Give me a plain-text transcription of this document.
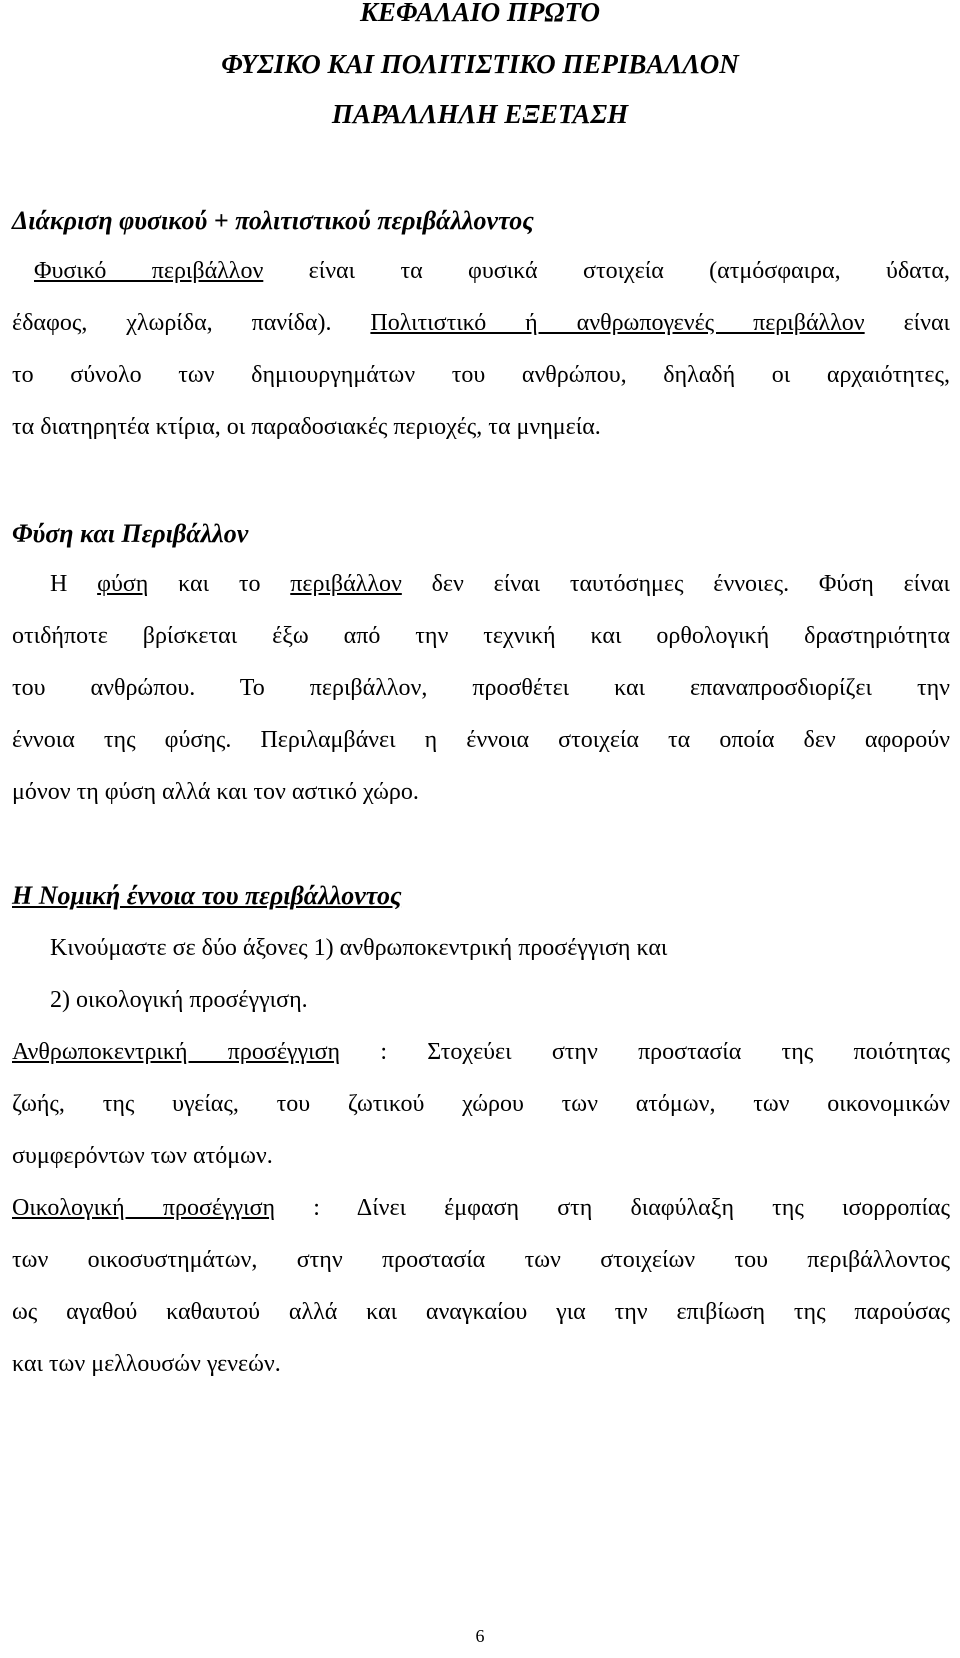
ΚΕΦΑΛΑΙΟ ΠΡΩΤΟ
ΦΥΣΙΚΟ ΚΑΙ ΠΟΛΙΤΙΣΤΙΚΟ ΠΕΡΙΒΑΛΛΟΝ
ΠΑΡΑΛΛΗΛΗ ΕΞΕΤΑΣΗ
Διάκριση φυσικού + πολιτιστικού περιβάλλοντος
Φυσικό περιβάλλον είναι τα φυσικά στοιχεία (ατμόσφαιρα, ύδατα,
έδαφος, χλωρίδα, πανίδα). Πολιτιστικό ή ανθρωπογενές περιβάλλον είναι
το σύνολο των δημιουργημάτων του ανθρώπου, δηλαδή οι αρχαιότητες,
τα διατηρητέα κτίρια, οι παραδοσιακές περιοχές, τα μνημεία.
Φύση και Περιβάλλον
Η φύση και το περιβάλλον δεν είναι ταυτόσημες έννοιες. Φύση είναι
οτιδήποτε βρίσκεται έξω από την τεχνική και ορθολογική δραστηριότητα
του ανθρώπου. Το περιβάλλον, προσθέτει και επαναπροσδιορίζει την
έννοια της φύσης. Περιλαμβάνει η έννοια στοιχεία τα οποία δεν αφορούν
μόνον τη φύση αλλά και τον αστικό χώρο.
Η Νομική έννοια του περιβάλλοντος
Κινούμαστε σε δύο άξονες 1) ανθρωποκεντρική προσέγγιση και
2) οικολογική προσέγγιση.
Ανθρωποκεντρική προσέγγιση : Στοχεύει στην προστασία της ποιότητας
ζωής, της υγείας, του ζωτικού χώρου των ατόμων, των οικονομικών
συμφερόντων των ατόμων.
Οικολογική προσέγγιση : Δίνει έμφαση στη διαφύλαξη της ισορροπίας
των οικοσυστημάτων, στην προστασία των στοιχείων του περιβάλλοντος
ως αγαθού καθαυτού αλλά και αναγκαίου για την επιβίωση της παρούσας
και των μελλουσών γενεών.
6
